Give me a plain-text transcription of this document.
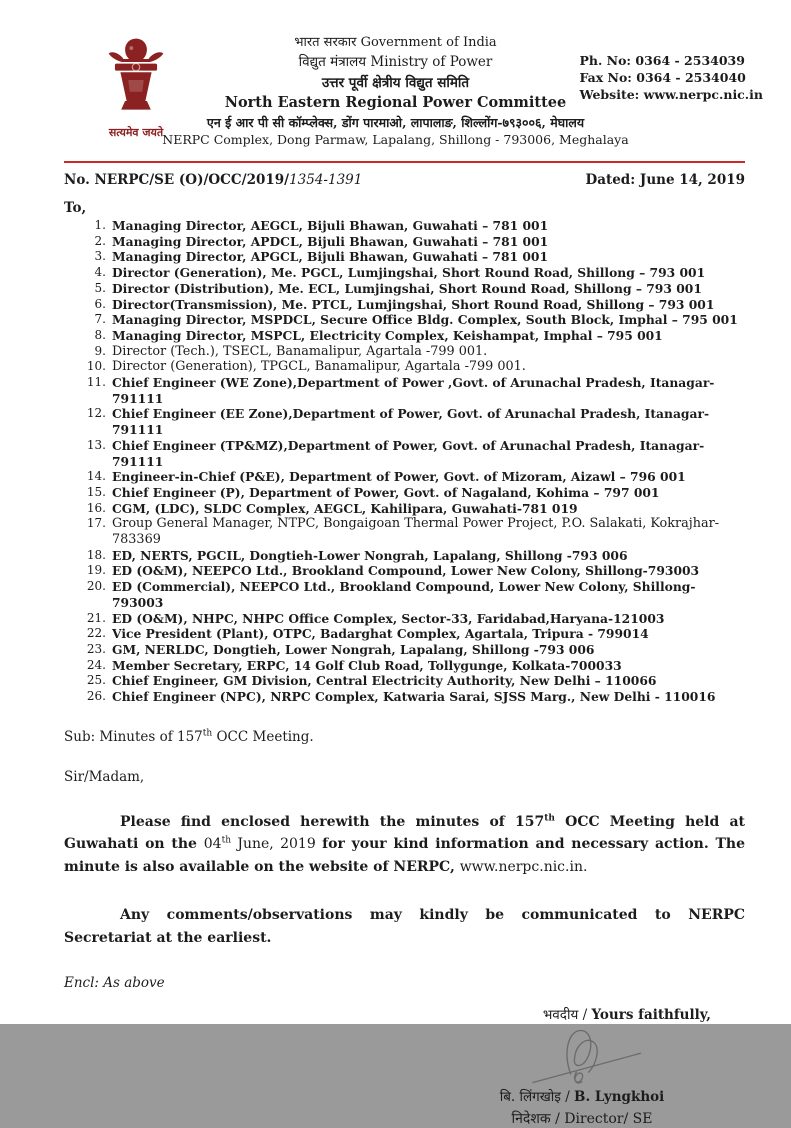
सत्यमेव जयते
भारत सरकार Government of India
विद्युत मंत्रालय Ministry of Power
उत्तर पूर्वी क्षेत्रीय विद्युत समिति
North Eastern Regional Power Committee
एन ई आर पी सी कॉम्प्लेक्स, डोंग पारमाओ, लापालाङ, शिल्लोंग-७९३००६, मेघालय
NERPC Complex, Dong Parmaw, Lapalang, Shillong - 793006, Meghalaya
Ph. No: 0364 - 2534039
Fax No: 0364 - 2534040
Website: www.nerpc.nic.in
No. NERPC/SE (O)/OCC/2019/1354-1391	Dated: June 14, 2019
To,
1. Managing Director, AEGCL, Bijuli Bhawan, Guwahati – 781 001
2. Managing Director, APDCL, Bijuli Bhawan, Guwahati – 781 001
3. Managing Director, APGCL, Bijuli Bhawan, Guwahati – 781 001
4. Director (Generation), Me. PGCL, Lumjingshai, Short Round Road, Shillong – 793 001
5. Director (Distribution), Me. ECL, Lumjingshai, Short Round Road, Shillong – 793 001
6. Director(Transmission), Me. PTCL, Lumjingshai, Short Round Road, Shillong – 793 001
7. Managing Director, MSPDCL, Secure Office Bldg. Complex, South Block, Imphal – 795 001
8. Managing Director, MSPCL, Electricity Complex, Keishampat, Imphal – 795 001
9. Director (Tech.), TSECL, Banamalipur, Agartala -799 001.
10. Director (Generation), TPGCL, Banamalipur, Agartala -799 001.
11. Chief Engineer (WE Zone),Department of Power ,Govt. of Arunachal Pradesh, Itanagar- 791111
12. Chief Engineer (EE Zone),Department of Power, Govt. of Arunachal Pradesh, Itanagar- 791111
13. Chief Engineer (TP&MZ),Department of Power, Govt. of Arunachal Pradesh, Itanagar- 791111
14. Engineer-in-Chief (P&E), Department of Power, Govt. of Mizoram, Aizawl – 796 001
15. Chief Engineer (P), Department of Power, Govt. of Nagaland, Kohima – 797 001
16. CGM, (LDC), SLDC Complex, AEGCL, Kahilipara, Guwahati-781 019
17. Group General Manager, NTPC, Bongaigoan Thermal Power Project, P.O. Salakati, Kokrajhar- 783369
18. ED, NERTS, PGCIL, Dongtieh-Lower Nongrah, Lapalang, Shillong -793 006
19. ED (O&M), NEEPCO Ltd., Brookland Compound, Lower New Colony, Shillong-793003
20. ED (Commercial), NEEPCO Ltd., Brookland Compound, Lower New Colony, Shillong-793003
21. ED (O&M), NHPC, NHPC Office Complex, Sector-33, Faridabad,Haryana-121003
22. Vice President (Plant), OTPC, Badarghat Complex, Agartala, Tripura - 799014
23. GM, NERLDC, Dongtieh, Lower Nongrah, Lapalang, Shillong -793 006
24. Member Secretary, ERPC, 14 Golf Club Road, Tollygunge, Kolkata-700033
25. Chief Engineer, GM Division, Central Electricity Authority, New Delhi – 110066
26. Chief Engineer (NPC), NRPC Complex, Katwaria Sarai, SJSS Marg., New Delhi - 110016
Sub: Minutes of 157th OCC Meeting.
Sir/Madam,
Please find enclosed herewith the minutes of 157th OCC Meeting held at Guwahati on the 04th June, 2019 for your kind information and necessary action. The minute is also available on the website of NERPC, www.nerpc.nic.in.
Any comments/observations may kindly be communicated to NERPC Secretariat at the earliest.
Encl: As above
भवदीय / Yours faithfully,
बि. लिंगखोइ / B. Lyngkhoi
निदेशक / Director/ SE
